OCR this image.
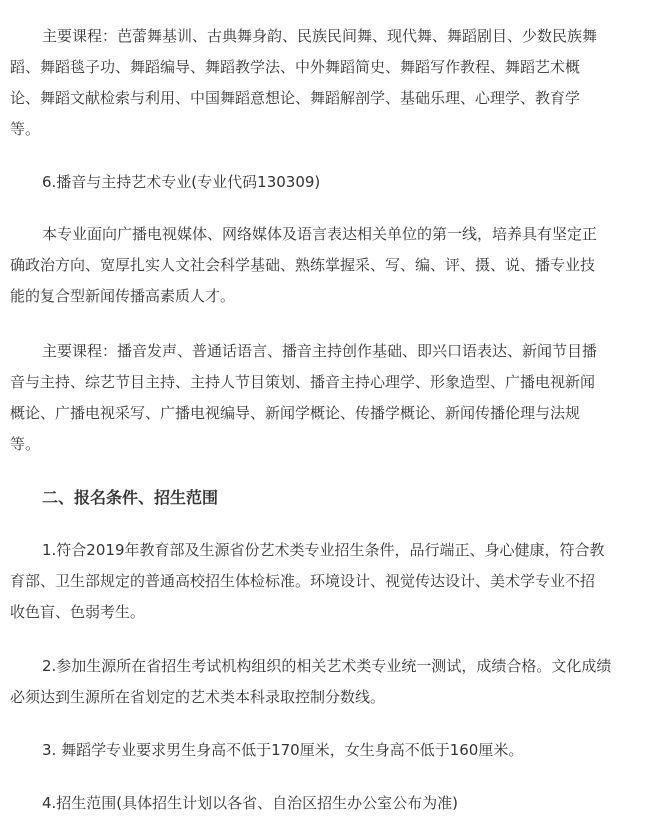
主要课程：芭蕾舞基训、古典舞身韵、民族民间舞、现代舞、舞蹈剧目、少数民族舞
蹈、舞蹈毯子功、舞蹈编导、舞蹈教学法、中外舞蹈简史、舞蹈写作教程、舞蹈艺术概
论、舞蹈文献检索与利用、中国舞蹈意想论、舞蹈解剖学、基础乐理、心理学、教育学
等。
6.播音与主持艺术专业(专业代码130309)
本专业面向广播电视媒体、网络媒体及语言表达相关单位的第一线，培养具有坚定正
确政治方向、宽厚扎实人文社会科学基础、熟练掌握采、写、编、评、摄、说、播专业技
能的复合型新闻传播高素质人才。
主要课程：播音发声、普通话语言、播音主持创作基础、即兴口语表达、新闻节目播
音与主持、综艺节目主持、主持人节目策划、播音主持心理学、形象造型、广播电视新闻
概论、广播电视采写、广播电视编导、新闻学概论、传播学概论、新闻传播伦理与法规
等。
二、报名条件、招生范围
1.符合2019年教育部及生源省份艺术类专业招生条件，品行端正、身心健康，符合教
育部、卫生部规定的普通高校招生体检标准。环境设计、视觉传达设计、美术学专业不招
收色盲、色弱考生。
2.参加生源所在省招生考试机构组织的相关艺术类专业统一测试，成绩合格。文化成绩
必须达到生源所在省划定的艺术类本科录取控制分数线。
3. 舞蹈学专业要求男生身高不低于170厘米，女生身高不低于160厘米。
4.招生范围(具体招生计划以各省、自治区招生办公室公布为准)
